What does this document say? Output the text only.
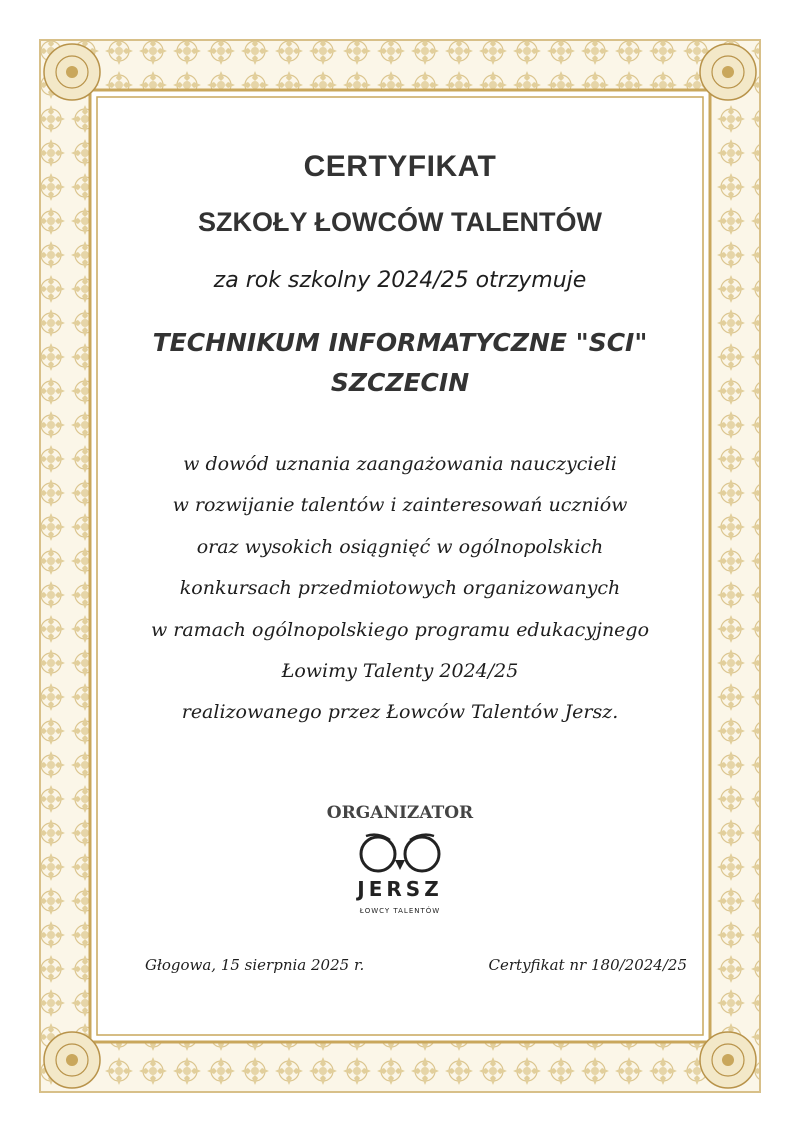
CERTYFIKAT
SZKOŁY ŁOWCÓW TALENTÓW
za rok szkolny 2024/25 otrzymuje
TECHNIKUM INFORMATYCZNE "SCI"
SZCZECIN
w dowód uznania zaangażowania nauczycieli
w rozwijanie talentów i zainteresowań uczniów
oraz wysokich osiągnięć w ogólnopolskich
konkursach przedmiotowych organizowanych
w ramach ogólnopolskiego programu edukacyjnego
Łowimy Talenty 2024/25
realizowanego przez Łowców Talentów Jersz.
ORGANIZATOR
JERSZ
ŁOWCY TALENTÓW
Głogowa, 15 sierpnia 2025 r.	Certyfikat nr 180/2024/25
